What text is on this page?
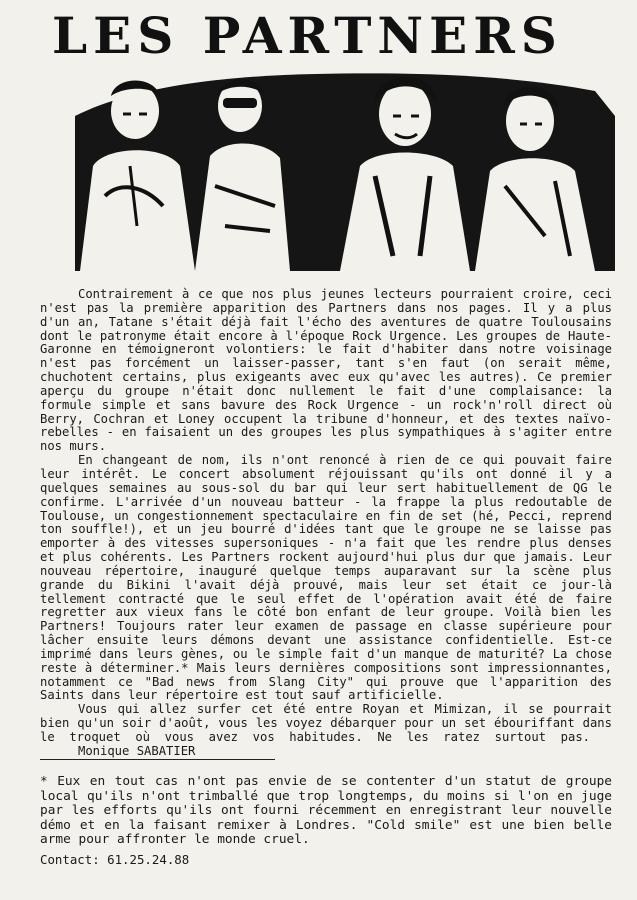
LES PARTNERS

Contrairement à ce que nos plus jeunes lecteurs pourraient croire, ceci n'est pas la première apparition des Partners dans nos pages. Il y a plus d'un an, Tatane s'était déjà fait l'écho des aventures de quatre Toulousains dont le patronyme était encore à l'époque Rock Urgence. Les groupes de Haute-Garonne en témoigneront volontiers: le fait d'habiter dans notre voisinage n'est pas forcément un laisser-passer, tant s'en faut (on serait même, chuchotent certains, plus exigeants avec eux qu'avec les autres). Ce premier aperçu du groupe n'était donc nullement le fait d'une complaisance: la formule simple et sans bavure des Rock Urgence - un rock'n'roll direct où Berry, Cochran et Loney occupent la tribune d'honneur, et des textes naïvo-rebelles - en faisaient un des groupes les plus sympathiques à s'agiter entre nos murs.

En changeant de nom, ils n'ont renoncé à rien de ce qui pouvait faire leur intérêt. Le concert absolument réjouissant qu'ils ont donné il y a quelques semaines au sous-sol du bar qui leur sert habituellement de QG le confirme. L'arrivée d'un nouveau batteur - la frappe la plus redoutable de Toulouse, un congestionnement spectaculaire en fin de set (hé, Pecci, reprend ton souffle!), et un jeu bourré d'idées tant que le groupe ne se laisse pas emporter à des vitesses supersoniques - n'a fait que les rendre plus denses et plus cohérents. Les Partners rockent aujourd'hui plus dur que jamais. Leur nouveau répertoire, inauguré quelque temps auparavant sur la scène plus grande du Bikini l'avait déjà prouvé, mais leur set était ce jour-là tellement contracté que le seul effet de l'opération avait été de faire regretter aux vieux fans le côté bon enfant de leur groupe. Voilà bien les Partners! Toujours rater leur examen de passage en classe supérieure pour lâcher ensuite leurs démons devant une assistance confidentielle. Est-ce imprimé dans leurs gènes, ou le simple fait d'un manque de maturité? La chose reste à déterminer.* Mais leurs dernières compositions sont impressionnantes, notamment ce "Bad news from Slang City" qui prouve que l'apparition des Saints dans leur répertoire est tout sauf artificielle.

Vous qui allez surfer cet été entre Royan et Mimizan, il se pourrait bien qu'un soir d'août, vous les voyez débarquer pour un set ébouriffant dans le troquet où vous avez vos habitudes. Ne les ratez surtout pas.  Monique SABATIER

* Eux en tout cas n'ont pas envie de se contenter d'un statut de groupe local qu'ils n'ont trimballé que trop longtemps, du moins si l'on en juge par les efforts qu'ils ont fourni récemment en enregistrant leur nouvelle démo et en la faisant remixer à Londres. "Cold smile" est une bien belle arme pour affronter le monde cruel.

Contact: 61.25.24.88
